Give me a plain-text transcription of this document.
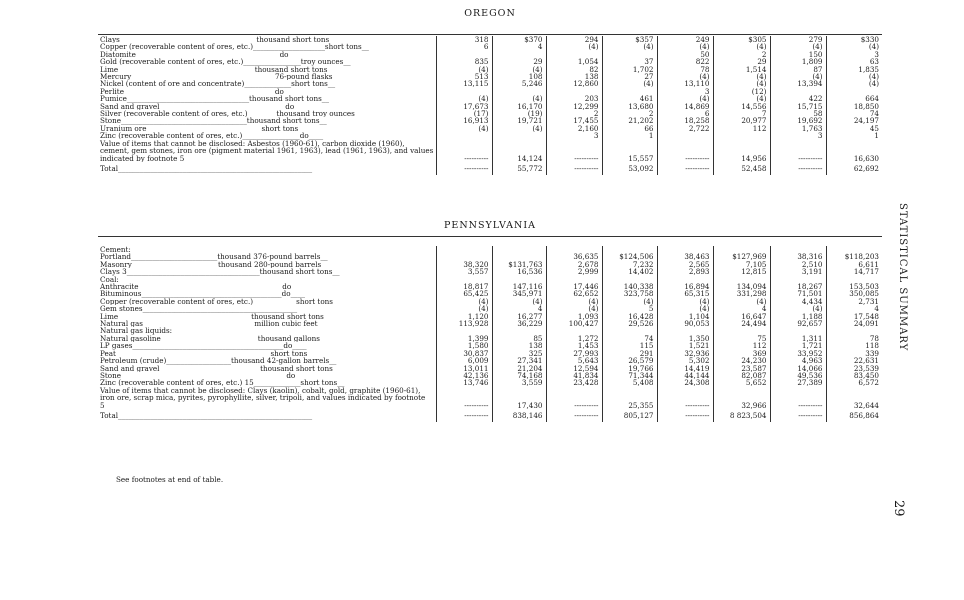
OREGON
Clays______________________________________thousand short tons__	318	$370	294	$357	249	$305	279	$330
Copper (recoverable content of ores, etc.)____________________short tons__	6	4	(4)	(4)	(4)	(4)	(4)	(4)
Diatomite________________________________________do____					50	2	150	3
Gold (recoverable content of ores, etc.)________________troy ounces__	835	29	1,054	37	822	29	1,809	63
Lime______________________________________thousand short tons__	(4)	(4)	82	1,702	78	1,514	87	1,835
Mercury________________________________________76-pound flasks__	513	108	138	27	(4)	(4)	(4)	(4)
Nickel (content of ore and concentrate)_____________short tons__	13,115	5,246	12,860	(4)	13,110	(4)	13,394	(4)
Perlite__________________________________________do____					3	(12)		
Pumice__________________________________thousand short tons__	(4)	(4)	203	461	(4)	(4)	422	664
Sand and gravel___________________________________do____	17,673	16,170	12,299	13,680	14,869	14,556	15,715	18,850
Silver (recoverable content of ores, etc.)________thousand troy ounces__	(17)	(19)	2	2	6	7	58	74
Stone___________________________________thousand short tons__	16,913	19,721	17,455	21,202	18,258	20,977	19,692	24,197
Uranium ore________________________________short tons__	(4)	(4)	2,160	66	2,722	112	1,763	45
Zinc (recoverable content of ores, etc.)________________do____			3	1			3	1
Value of items that cannot be disclosed: Asbestos (1960-61), carbon dioxide (1960), cement, gem stones, iron ore (pigment material 1961, 1963), lead (1961, 1963), and values indicated by footnote 5_______________	----------	14,124	----------	15,557	----------	14,956	----------	16,630
Total______________________________________________________	----------	55,772	----------	53,092	----------	52,458	----------	62,692
PENNSYLVANIA
Cement:								
Portland________________________thousand 376-pound barrels__			36,635	$124,506	38,463	$127,969	38,316	$118,203
Masonry________________________thousand 280-pound barrels__	38,320	$131,763	2,678	7,232	2,565	7,105	2,510	6,611
Clays 3_____________________________________thousand short tons__	3,557	16,536	2,999	14,402	2,893	12,815	3,191	14,717
Coal:								
Anthracite________________________________________do____	18,817	147,116	17,446	140,338	16,894	134,094	18,267	153,503
Bituminous_______________________________________do____	65,425	345,971	62,652	323,758	65,315	331,298	71,501	350,085
Copper (recoverable content of ores, etc.)____________short tons__	(4)	(4)	(4)	(4)	(4)	(4)	4,434	2,731
Gem stones___________________________________________	(4)	4	(4)	5	(4)	4	(4)	4
Lime_____________________________________thousand short tons__	1,120	16,277	1,093	16,428	1,104	16,647	1,188	17,548
Natural gas_______________________________million cubic feet__	113,928	36,229	100,427	29,526	90,053	24,494	92,657	24,091
Natural gas liquids:								
Natural gasoline___________________________thousand gallons__	1,399	85	1,272	74	1,350	75	1,311	78
LP gases__________________________________________do____	1,580	138	1,453	115	1,521	112	1,721	118
Peat___________________________________________short tons__	30,837	325	27,993	291	32,936	369	33,952	339
Petroleum (crude)__________________thousand 42-gallon barrels__	6,009	27,341	5,643	26,579	5,302	24,230	4,963	22,631
Sand and gravel____________________________thousand short tons__	13,011	21,204	12,594	19,766	14,419	23,587	14,066	23,539
Stone______________________________________________do____	42,136	74,168	41,834	71,344	44,144	82,087	49,536	83,450
Zinc (recoverable content of ores, etc.) 15_____________short tons__	13,746	3,559	23,428	5,408	24,308	5,652	27,389	6,572
Value of items that cannot be disclosed: Clays (kaolin), cobalt, gold, graphite (1960-61), iron ore, scrap mica, pyrites, pyrophyllite, silver, tripoli, and values indicated by footnote 5______________	----------	17,430	----------	25,355	----------	32,966	----------	32,644
Total______________________________________________________	----------	838,146	----------	805,127	----------	8 823,504	----------	856,864
See footnotes at end of table.
STATISTICAL SUMMARY
29
